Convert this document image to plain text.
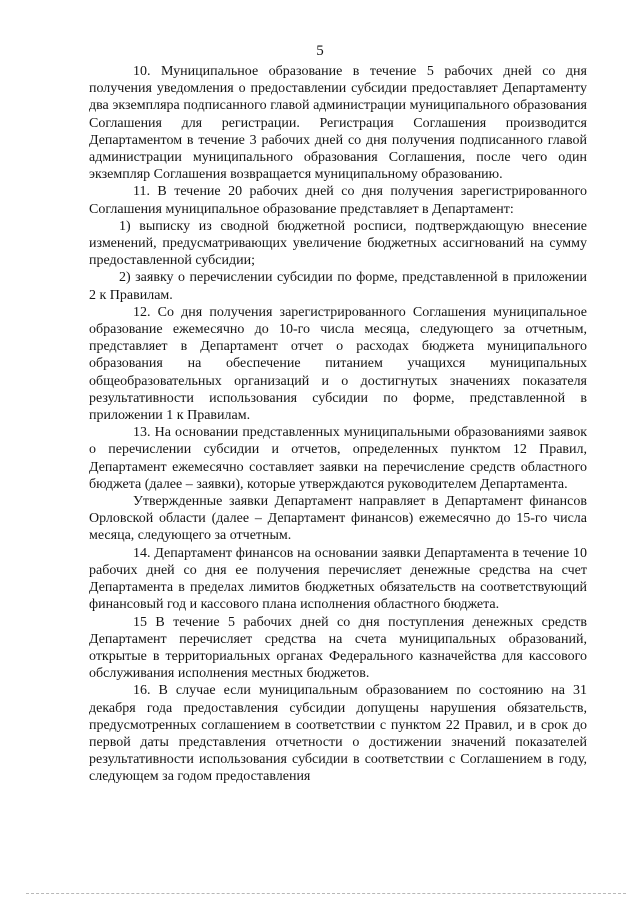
5

10. Муниципальное образование в течение 5 рабочих дней со дня получения уведомления о предоставлении субсидии предоставляет Департаменту два экземпляра подписанного главой администрации муниципального образования Соглашения для регистрации. Регистрация Соглашения производится Департаментом в течение 3 рабочих дней со дня получения подписанного главой администрации муниципального образования Соглашения, после чего один экземпляр Соглашения возвращается муниципальному образованию.

11. В течение 20 рабочих дней со дня получения зарегистрированного Соглашения муниципальное образование представляет в Департамент:

1) выписку из сводной бюджетной росписи, подтверждающую внесение изменений, предусматривающих увеличение бюджетных ассигнований на сумму предоставленной субсидии;

2) заявку о перечислении субсидии по форме, представленной в приложении 2 к Правилам.

12. Со дня получения зарегистрированного Соглашения муниципальное образование ежемесячно до 10-го числа месяца, следующего за отчетным, представляет в Департамент отчет о расходах бюджета муниципального образования на обеспечение питанием учащихся муниципальных общеобразовательных организаций и о достигнутых значениях показателя результативности использования субсидии по форме, представленной в приложении 1 к Правилам.

13. На основании представленных муниципальными образованиями заявок о перечислении субсидии и отчетов, определенных пунктом 12 Правил, Департамент ежемесячно составляет заявки на перечисление средств областного бюджета (далее – заявки), которые утверждаются руководителем Департамента.

Утвержденные заявки Департамент направляет в Департамент финансов Орловской области (далее – Департамент финансов) ежемесячно до 15-го числа месяца, следующего за отчетным.

14. Департамент финансов на основании заявки Департамента в течение 10 рабочих дней со дня ее получения перечисляет денежные средства на счет Департамента в пределах лимитов бюджетных обязательств на соответствующий финансовый год и кассового плана исполнения областного бюджета.

15 В течение 5 рабочих дней со дня поступления денежных средств Департамент перечисляет средства на счета муниципальных образований, открытые в территориальных органах Федерального казначейства для кассового обслуживания исполнения местных бюджетов.

16. В случае если муниципальным образованием по состоянию на 31 декабря года предоставления субсидии допущены нарушения обязательств, предусмотренных соглашением в соответствии с пунктом 22 Правил, и в срок до первой даты представления отчетности о достижении значений показателей результативности использования субсидии в соответствии с Соглашением в году, следующем за годом предоставления
